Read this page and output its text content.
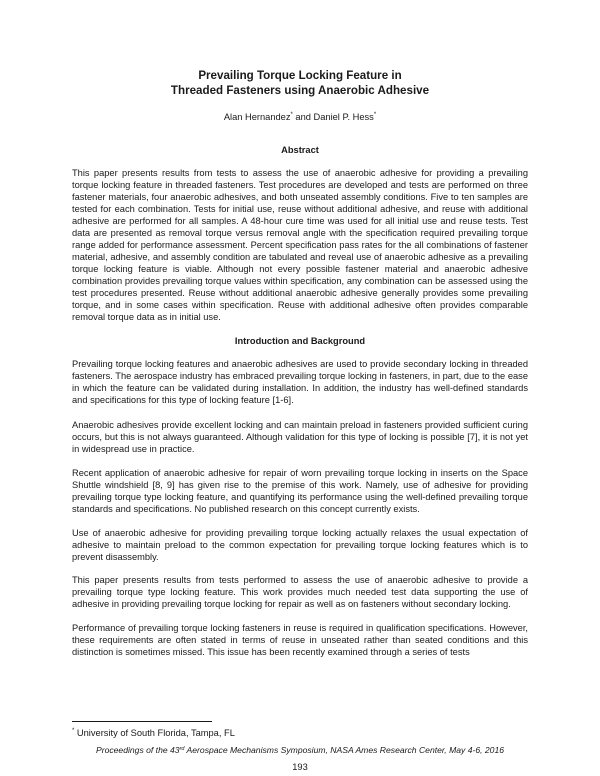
Prevailing Torque Locking Feature in
Threaded Fasteners using Anaerobic Adhesive
Alan Hernandez* and Daniel P. Hess*
Abstract

This paper presents results from tests to assess the use of anaerobic adhesive for providing a prevailing torque locking feature in threaded fasteners. Test procedures are developed and tests are performed on three fastener materials, four anaerobic adhesives, and both unseated assembly conditions. Five to ten samples are tested for each combination. Tests for initial use, reuse without additional adhesive, and reuse with additional adhesive are performed for all samples. A 48-hour cure time was used for all initial use and reuse tests. Test data are presented as removal torque versus removal angle with the specification required prevailing torque range added for performance assessment. Percent specification pass rates for the all combinations of fastener material, adhesive, and assembly condition are tabulated and reveal use of anaerobic adhesive as a prevailing torque locking feature is viable. Although not every possible fastener material and anaerobic adhesive combination provides prevailing torque values within specification, any combination can be assessed using the test procedures presented. Reuse without additional anaerobic adhesive generally provides some prevailing torque, and in some cases within specification. Reuse with additional adhesive often provides comparable removal torque data as in initial use.

Introduction and Background

Prevailing torque locking features and anaerobic adhesives are used to provide secondary locking in threaded fasteners. The aerospace industry has embraced prevailing torque locking in fasteners, in part, due to the ease in which the feature can be validated during installation. In addition, the industry has well-defined standards and specifications for this type of locking feature [1-6].

Anaerobic adhesives provide excellent locking and can maintain preload in fasteners provided sufficient curing occurs, but this is not always guaranteed. Although validation for this type of locking is possible [7], it is not yet in widespread use in practice.

Recent application of anaerobic adhesive for repair of worn prevailing torque locking in inserts on the Space Shuttle windshield [8, 9] has given rise to the premise of this work. Namely, use of adhesive for providing prevailing torque type locking feature, and quantifying its performance using the well-defined prevailing torque standards and specifications. No published research on this concept currently exists.

Use of anaerobic adhesive for providing prevailing torque locking actually relaxes the usual expectation of adhesive to maintain preload to the common expectation for prevailing torque locking features which is to prevent disassembly.

This paper presents results from tests performed to assess the use of anaerobic adhesive to provide a prevailing torque type locking feature. This work provides much needed test data supporting the use of adhesive in providing prevailing torque locking for repair as well as on fasteners without secondary locking.

Performance of prevailing torque locking fasteners in reuse is required in qualification specifications. However, these requirements are often stated in terms of reuse in unseated rather than seated conditions and this distinction is sometimes missed. This issue has been recently examined through a series of tests

* University of South Florida, Tampa, FL
Proceedings of the 43rd Aerospace Mechanisms Symposium, NASA Ames Research Center, May 4-6, 2016
193
